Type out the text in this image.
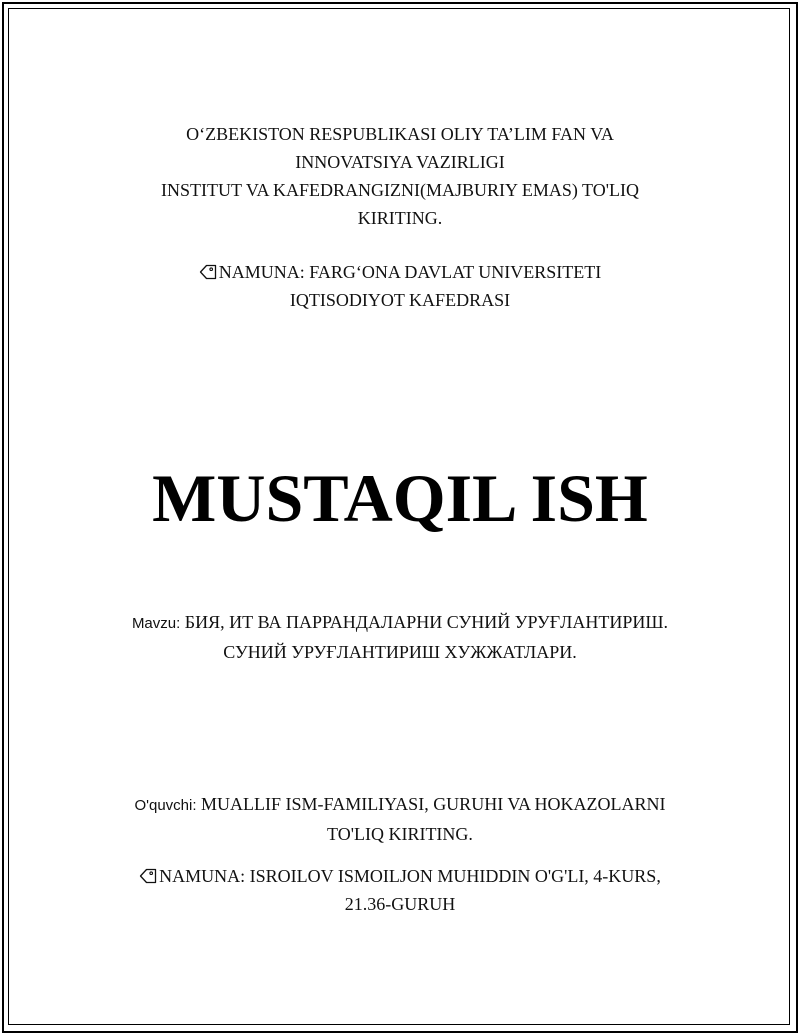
O‘ZBEKISTON RESPUBLIKASI OLIY TA’LIM FAN VA
INNOVATSIYA VAZIRLIGI
INSTITUT VA KAFEDRANGIZNI(MAJBURIY EMAS) TO'LIQ
KIRITING.
NAMUNA: FARG‘ONA DAVLAT UNIVERSITETI
IQTISODIYOT KAFEDRASI
MUSTAQIL ISH
Mavzu: БИЯ, ИТ ВА ПАРРАНДАЛАРНИ СУНИЙ УРУҒЛАНТИРИШ.
СУНИЙ УРУҒЛАНТИРИШ ХУЖЖАТЛАРИ.
O'quvchi: MUALLIF ISM-FAMILIYASI, GURUHI VA HOKAZOLARNI
TO'LIQ KIRITING.
NAMUNA: ISROILOV ISMOILJON MUHIDDIN O'G'LI, 4-KURS,
21.36-GURUH
